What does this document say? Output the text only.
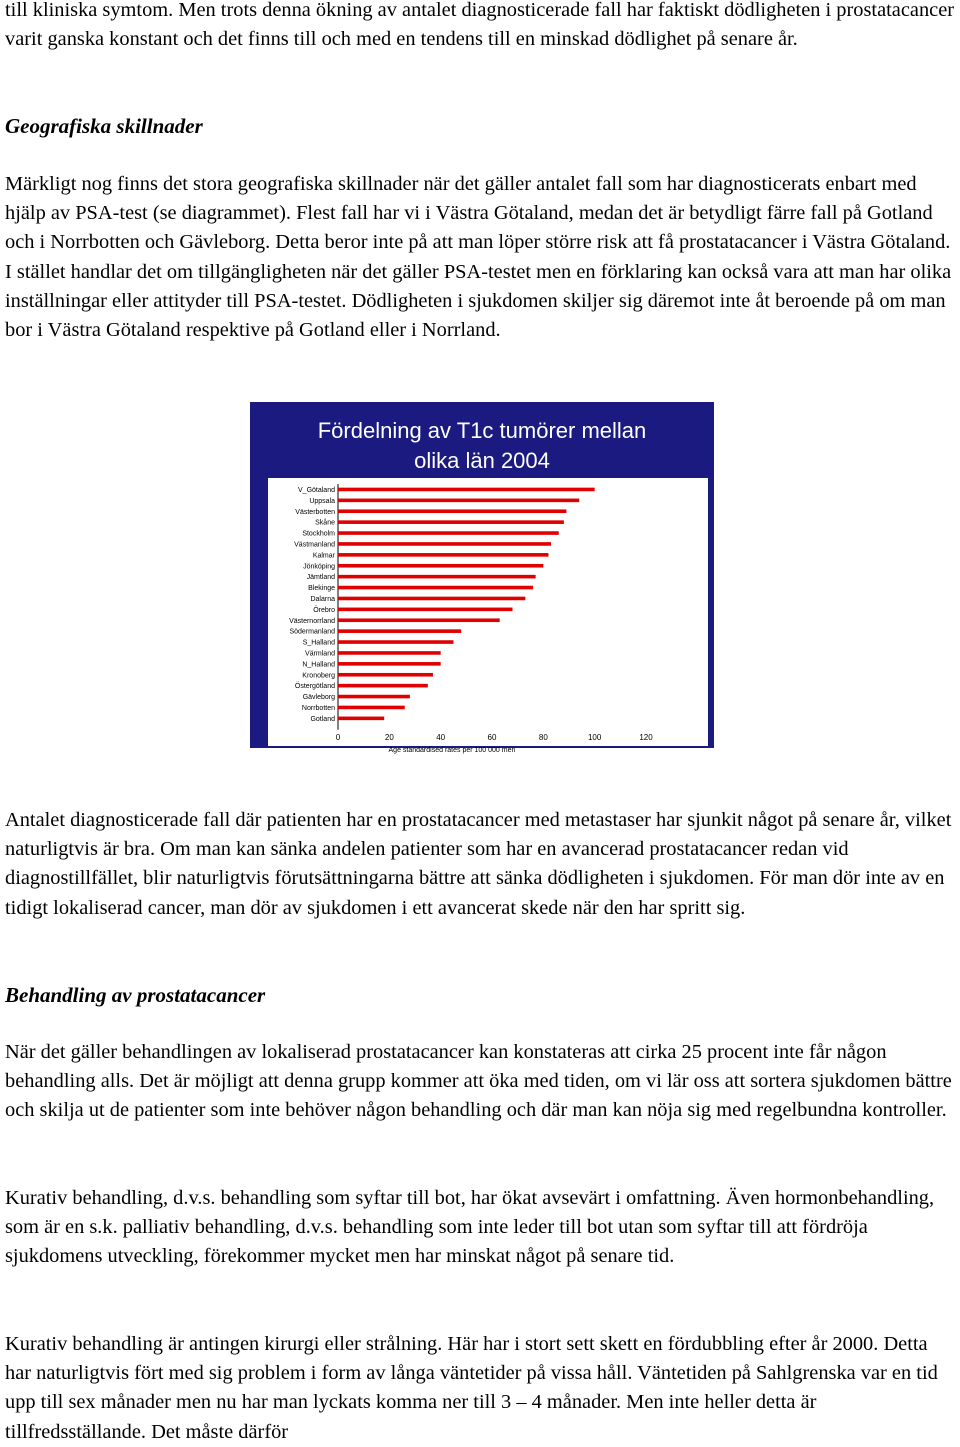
till kliniska symtom. Men trots denna ökning av antalet diagnosticerade fall har faktiskt dödligheten i prostatacancer varit ganska konstant och det finns till och med en tendens till en minskad dödlighet på senare år.

Geografiska skillnader

Märkligt nog finns det stora geografiska skillnader när det gäller antalet fall som har diagnosticerats enbart med hjälp av PSA-test (se diagrammet). Flest fall har vi i Västra Götaland, medan det är betydligt färre fall på Gotland och i Norrbotten och Gävleborg. Detta beror inte på att man löper större risk att få prostatacancer i Västra Götaland. I stället handlar det om tillgängligheten när det gäller PSA-testet men en förklaring kan också vara att man har olika inställningar eller attityder till PSA-testet. Dödligheten i sjukdomen skiljer sig däremot inte åt beroende på om man bor i Västra Götaland respektive på Gotland eller i Norrland.

Fördelning av T1c tumörer mellan
olika län 2004
V_Götaland
Uppsala
Västerbotten
Skåne
Stockholm
Västmanland
Kalmar
Jönköping
Jämtland
Blekinge
Dalarna
Örebro
Västernorrland
Södermanland
S_Halland
Värmland
N_Halland
Kronoberg
Östergötland
Gävleborg
Norrbotten
Gotland
0	20	40	60	80	100	120
Age standardised rates per 100 000 men

Antalet diagnosticerade fall där patienten har en prostatacancer med metastaser har sjunkit något på senare år, vilket naturligtvis är bra. Om man kan sänka andelen patienter som har en avancerad prostatacancer redan vid diagnostillfället, blir naturligtvis förutsättningarna bättre att sänka dödligheten i sjukdomen. För man dör inte av en tidigt lokaliserad cancer, man dör av sjukdomen i ett avancerat skede när den har spritt sig.

Behandling av prostatacancer

När det gäller behandlingen av lokaliserad prostatacancer kan konstateras att cirka 25 procent inte får någon behandling alls. Det är möjligt att denna grupp kommer att öka med tiden, om vi lär oss att sortera sjukdomen bättre och skilja ut de patienter som inte behöver någon behandling och där man kan nöja sig med regelbundna kontroller.

Kurativ behandling, d.v.s. behandling som syftar till bot, har ökat avsevärt i omfattning. Även hormonbehandling, som är en s.k. palliativ behandling, d.v.s. behandling som inte leder till bot utan som syftar till att fördröja sjukdomens utveckling, förekommer mycket men har minskat något på senare tid.

Kurativ behandling är antingen kirurgi eller strålning. Här har i stort sett skett en fördubbling efter år 2000. Detta har naturligtvis fört med sig problem i form av långa väntetider på vissa håll. Väntetiden på Sahlgrenska var en tid upp till sex månader men nu har man lyckats komma ner till 3 – 4 månader. Men inte heller detta är tillfredsställande. Det måste därför
